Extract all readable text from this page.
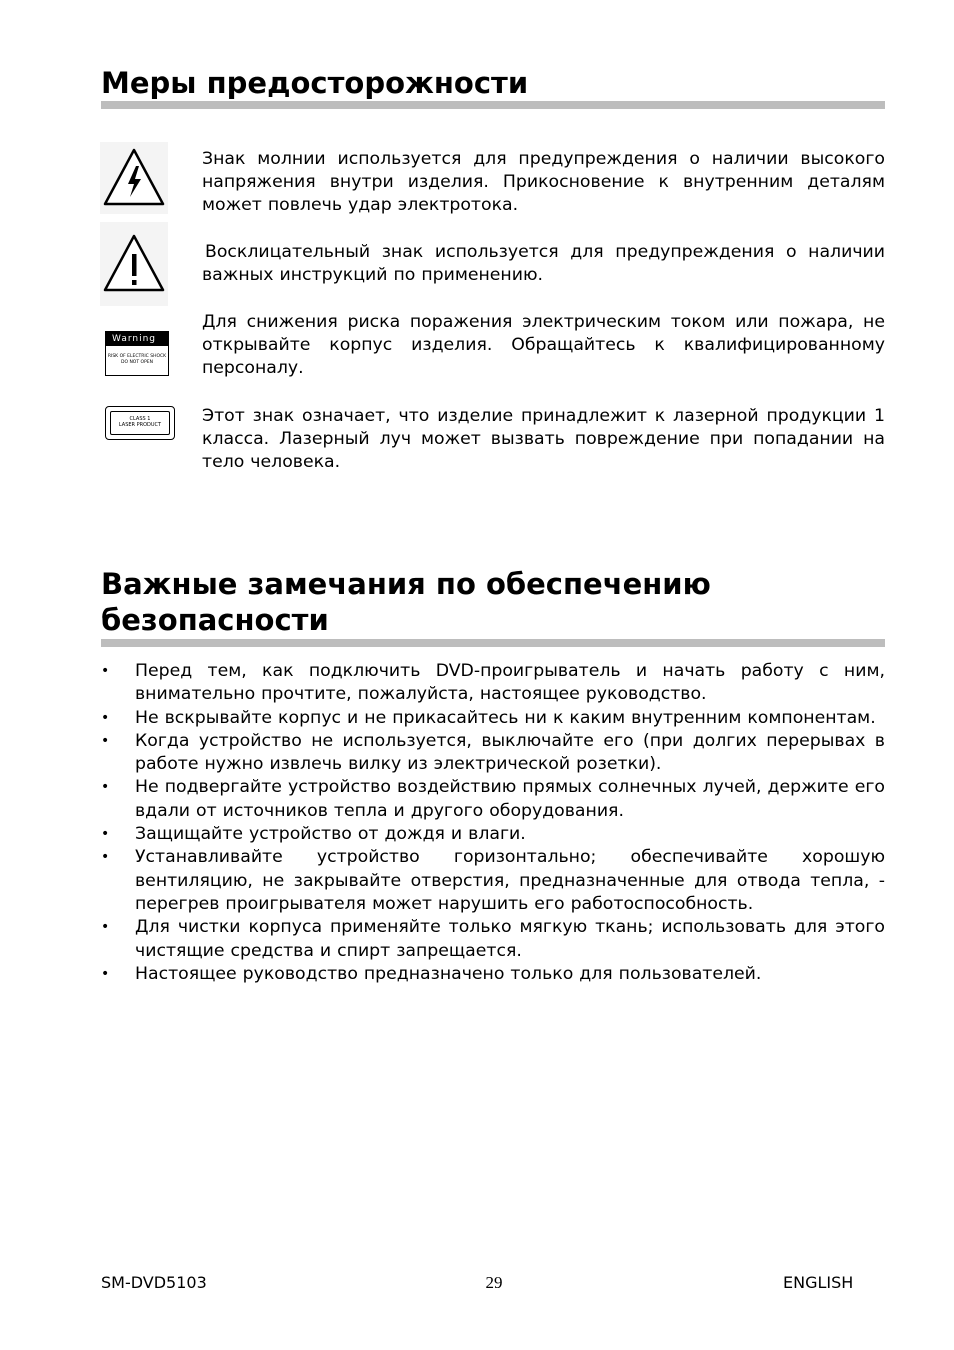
Меры предосторожности
Знак молнии используется для предупреждения о наличии высокого напряжения внутри изделия. Прикосновение к внутренним деталям может повлечь удар электротока.
Восклицательный знак используется для предупреждения о наличии важных инструкций по применению.
Warning
RISK OF ELECTRIC SHOCK
DO NOT OPEN
Для снижения риска поражения электрическим током или пожара, не открывайте корпус изделия. Обращайтесь к квалифицированному персоналу.
CLASS 1
LASER PRODUCT	Этот знак означает, что изделие принадлежит к лазерной продукции 1 класса. Лазерный луч может вызвать повреждение при попадании на тело человека.
Важные замечания по обеспечению
безопасности
• Перед тем, как подключить DVD-проигрыватель и начать работу с ним, внимательно прочтите, пожалуйста, настоящее руководство.
• Не вскрывайте корпус и не прикасайтесь ни к каким внутренним компонентам.
• Когда устройство не используется, выключайте его (при долгих перерывах в работе нужно извлечь вилку из электрической розетки).
• Не подвергайте устройство воздействию прямых солнечных лучей, держите его вдали от источников тепла и другого оборудования.
• Защищайте устройство от дождя и влаги.
• Устанавливайте устройство горизонтально; обеспечивайте хорошую вентиляцию, не закрывайте отверстия, предназначенные для отвода тепла, - перегрев проигрывателя может нарушить его работоспособность.
• Для чистки корпуса применяйте только мягкую ткань; использовать для этого чистящие средства и спирт запрещается.
• Настоящее руководство предназначено только для пользователей.
SM-DVD5103	29	ENGLISH
